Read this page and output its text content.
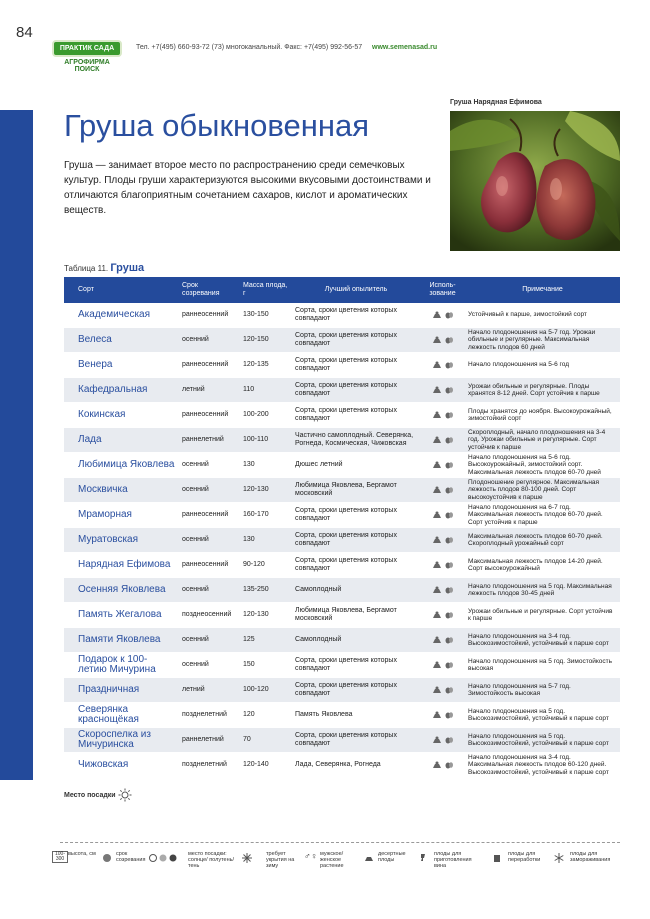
84
ПРАКТИК САДА
АГРОФИРМА ПОИСК
Тел. +7(495) 660-93-72 (73) многоканальный. Факс: +7(495) 992-56-57 www.semenasad.ru
Груша обыкновенная
Груша — занимает второе место по распространению среди семечковых культур. Плоды груши характеризуются высокими вкусовыми достоинствами и отличаются благоприятным сочетанием сахаров, кислот и ароматических веществ.
Груша Нарядная Ефимова
Таблица 11. Груша
Сорт	Срок созревания	Масса плода, г	Лучший опылитель	Исполь-зование	Примечание
Академическая	раннеосенний	130-150	Сорта, сроки цветения которых совпадают		Устойчивый к парше, зимостойкий сорт
Велеса	осенний	120-150	Сорта, сроки цветения которых совпадают		Начало плодоношения на 5-7 год. Урожаи обильные и регулярные. Максимальная лежкость плодов 60 дней
Венера	раннеосенний	120-135	Сорта, сроки цветения которых совпадают		Начало плодоношения на 5-6 год
Кафедральная	летний	110	Сорта, сроки цветения которых совпадают		Урожаи обильные и регулярные. Плоды хранятся 8-12 дней. Сорт устойчив к парше
Кокинская	раннеосенний	100-200	Сорта, сроки цветения которых совпадают		Плоды хранятся до ноября. Высокоурожайный, зимостойкий сорт
Лада	раннелетний	100-110	Частично самоплодный. Северянка, Рогнеда, Космическая, Чижовская		Скороплодный, начало плодоношения на 3-4 год. Урожаи обильные и регулярные. Сорт устойчив к парше
Любимица Яковлева	осенний	130	Дюшес летний		Начало плодоношения на 5-6 год. Высокоурожайный, зимостойкий сорт. Максимальная лежкость плодов 60-70 дней
Москвичка	осенний	120-130	Любимица Яковлева, Бергамот московский		Плодоношение регулярное. Максимальная лежкость плодов 80-100 дней. Сорт высокоустойчив к парше
Мраморная	раннеосенний	160-170	Сорта, сроки цветения которых совпадают		Начало плодоношения на 6-7 год. Максимальная лежкость плодов 60-70 дней. Сорт устойчив к парше
Муратовская	осенний	130	Сорта, сроки цветения которых совпадают		Максимальная лежкость плодов 60-70 дней. Скороплодный урожайный сорт
Нарядная Ефимова	раннеосенний	90-120	Сорта, сроки цветения которых совпадают		Максимальная лежкость плодов 14-20 дней. Сорт высокоурожайный
Осенняя Яковлева	осенний	135-250	Самоплодный		Начало плодоношения на 5 год. Максимальная лежкость плодов 30-45 дней
Память Жегалова	позднеосенний	120-130	Любимица Яковлева, Бергамот московский		Урожаи обильные и регулярные. Сорт устойчив к парше
Памяти Яковлева	осенний	125	Самоплодный		Начало плодоношения на 3-4 год. Высокозимостойкий, устойчивый к парше сорт
Подарок к 100-летию Мичурина	осенний	150	Сорта, сроки цветения которых совпадают		Начало плодоношения на 5 год. Зимостойкость высокая
Праздничная	летний	100-120	Сорта, сроки цветения которых совпадают		Начало плодоношения на 5-7 год. Зимостойкость высокая
Северянка краснощёкая	позднелетний	120	Память Яковлева		Начало плодоношения на 5 год. Высокозимостойкий, устойчивый к парше сорт
Скороспелка из Мичуринска	раннелетний	70	Сорта, сроки цветения которых совпадают		Начало плодоношения на 5 год. Высокозимостойкий, устойчивый к парше сорт
Чижовская	позднелетний	120-140	Лада, Северянка, Рогнеда		Начало плодоношения на 3-4 год. Максимальная лежкость плодов 60-120 дней. Высокозимостойкий, устойчивый к парше сорт
Место посадки
100-300
высота, см	срок созревания
место посадки: солнце/ полутень/ тень
требует укрытия на зиму
♂♀ мужское/ женское растение
десертные плоды
плоды для приготовления вина
плоды для переработки
плоды для замораживания
